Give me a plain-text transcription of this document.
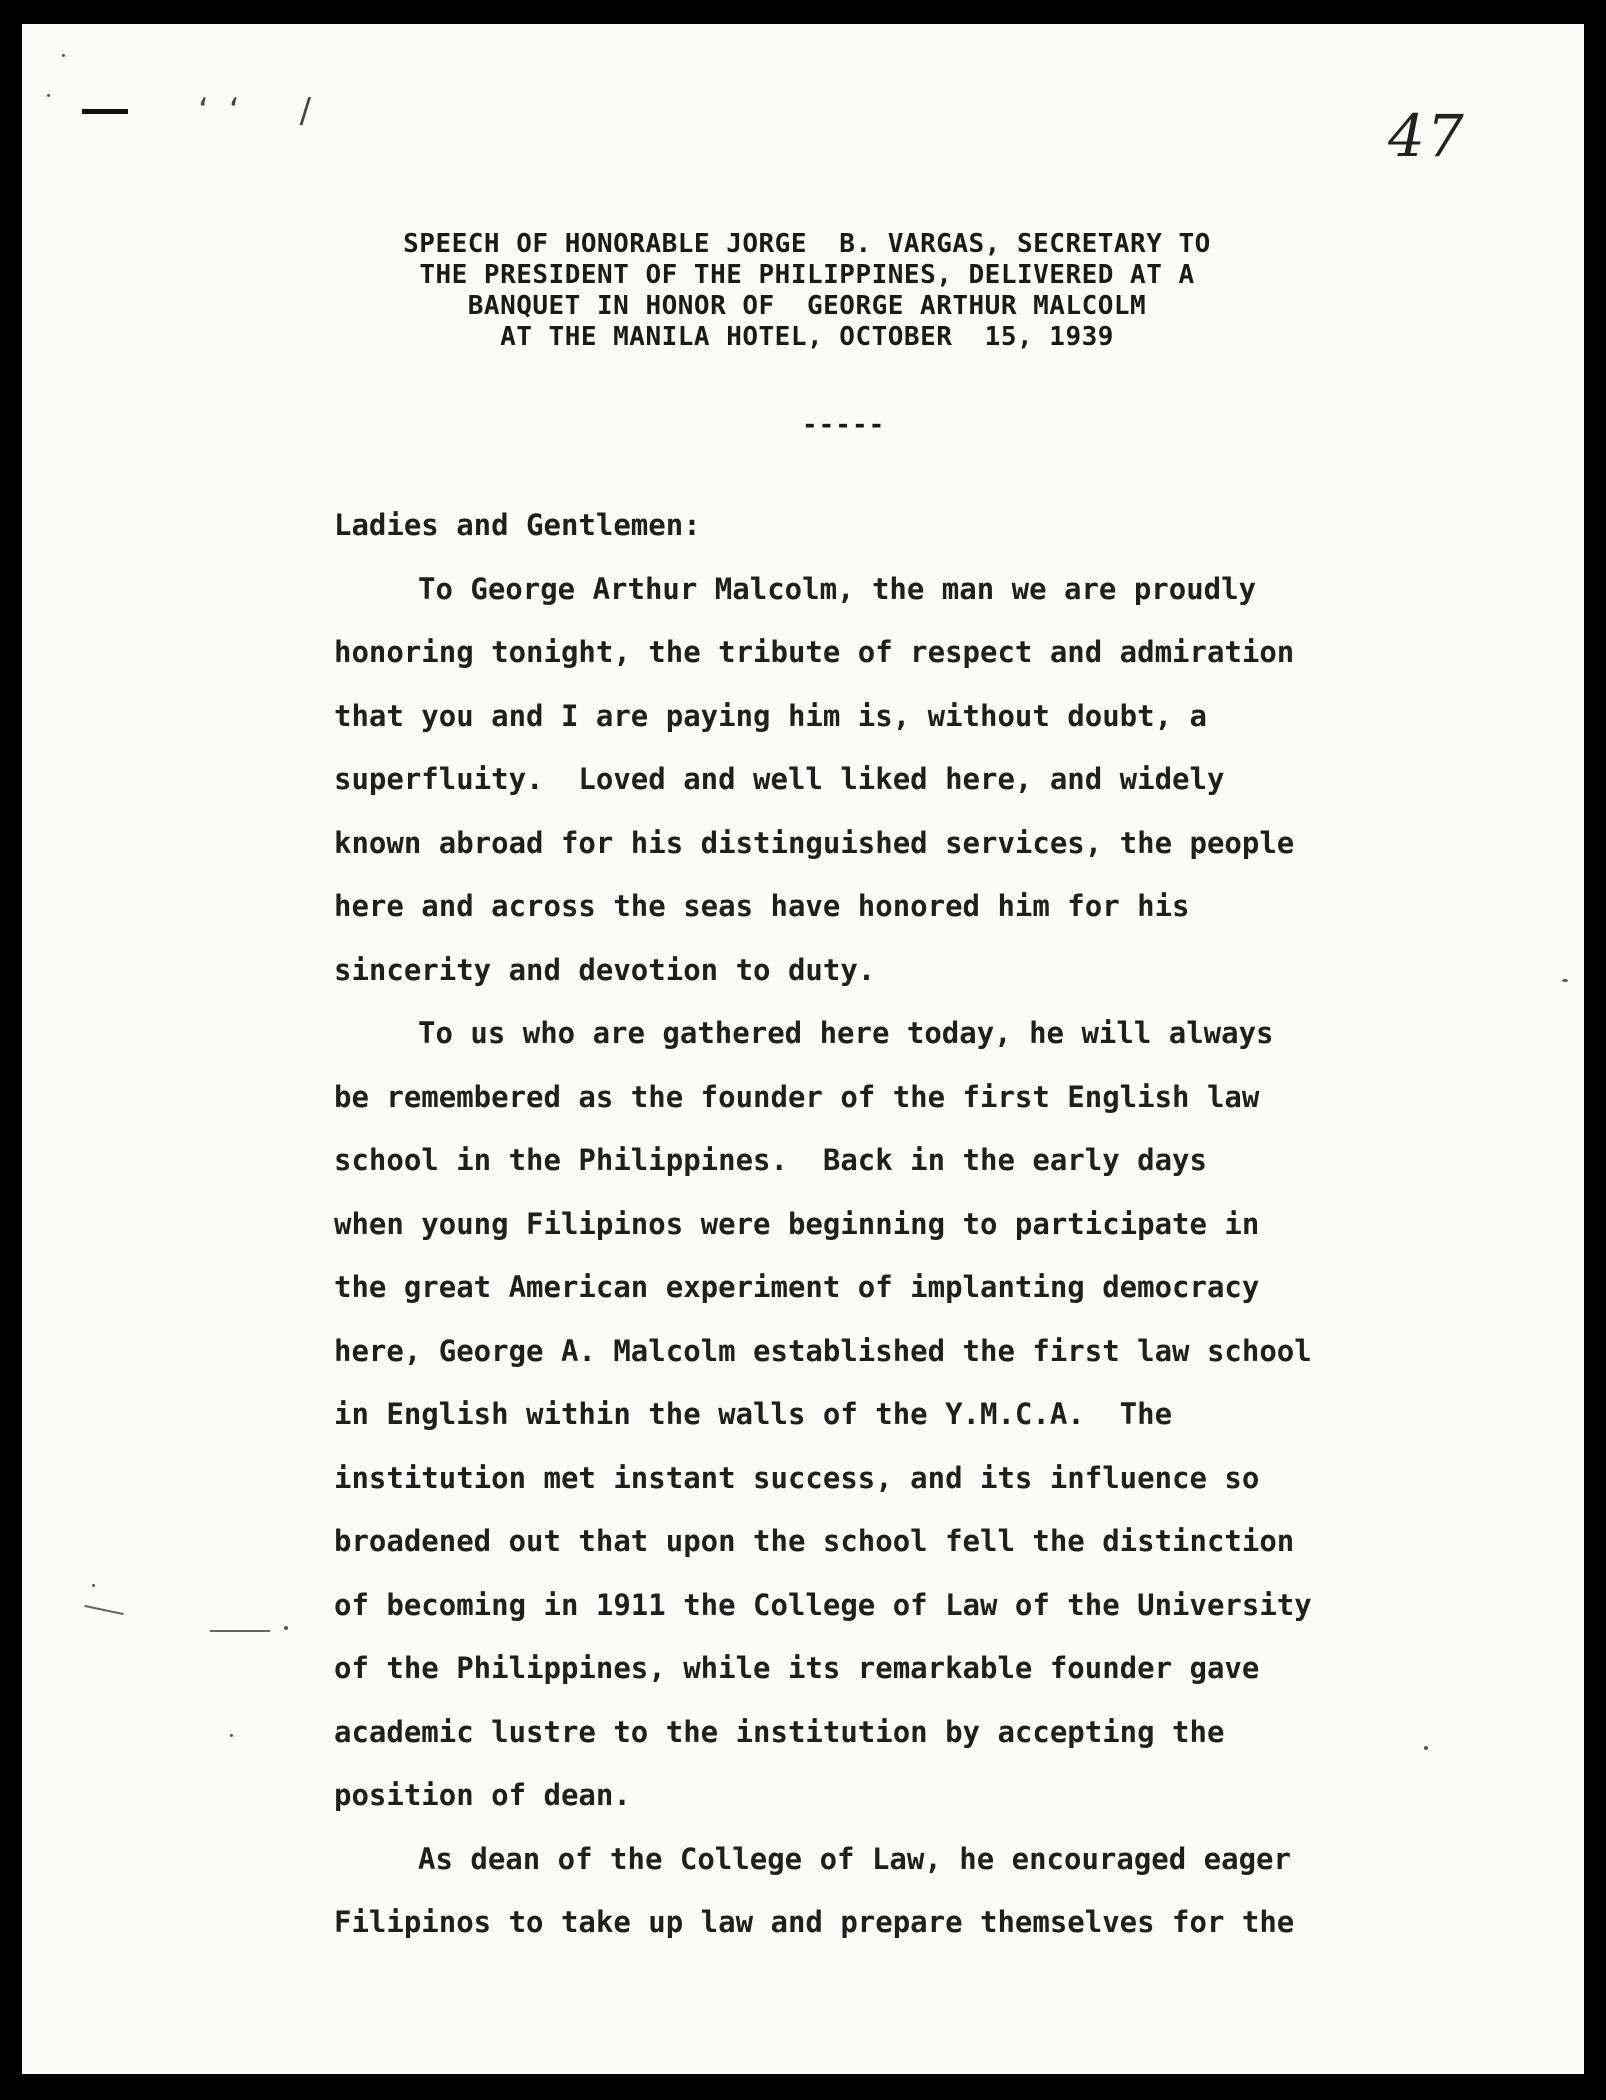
‘‘ /	47
SPEECH OF HONORABLE JORGE  B. VARGAS, SECRETARY TO
THE PRESIDENT OF THE PHILIPPINES, DELIVERED AT A
BANQUET IN HONOR OF  GEORGE ARTHUR MALCOLM
AT THE MANILA HOTEL, OCTOBER  15, 1939
-----
Ladies and Gentlemen:
To George Arthur Malcolm, the man we are proudly
honoring tonight, the tribute of respect and admiration
that you and I are paying him is, without doubt, a
superfluity.  Loved and well liked here, and widely
known abroad for his distinguished services, the people
here and across the seas have honored him for his
sincerity and devotion to duty.
To us who are gathered here today, he will always
be remembered as the founder of the first English law
school in the Philippines.  Back in the early days
when young Filipinos were beginning to participate in
the great American experiment of implanting democracy
here, George A. Malcolm established the first law school
in English within the walls of the Y.M.C.A.  The
institution met instant success, and its influence so
broadened out that upon the school fell the distinction
of becoming in 1911 the College of Law of the University
of the Philippines, while its remarkable founder gave
academic lustre to the institution by accepting the
position of dean.
As dean of the College of Law, he encouraged eager
Filipinos to take up law and prepare themselves for the
